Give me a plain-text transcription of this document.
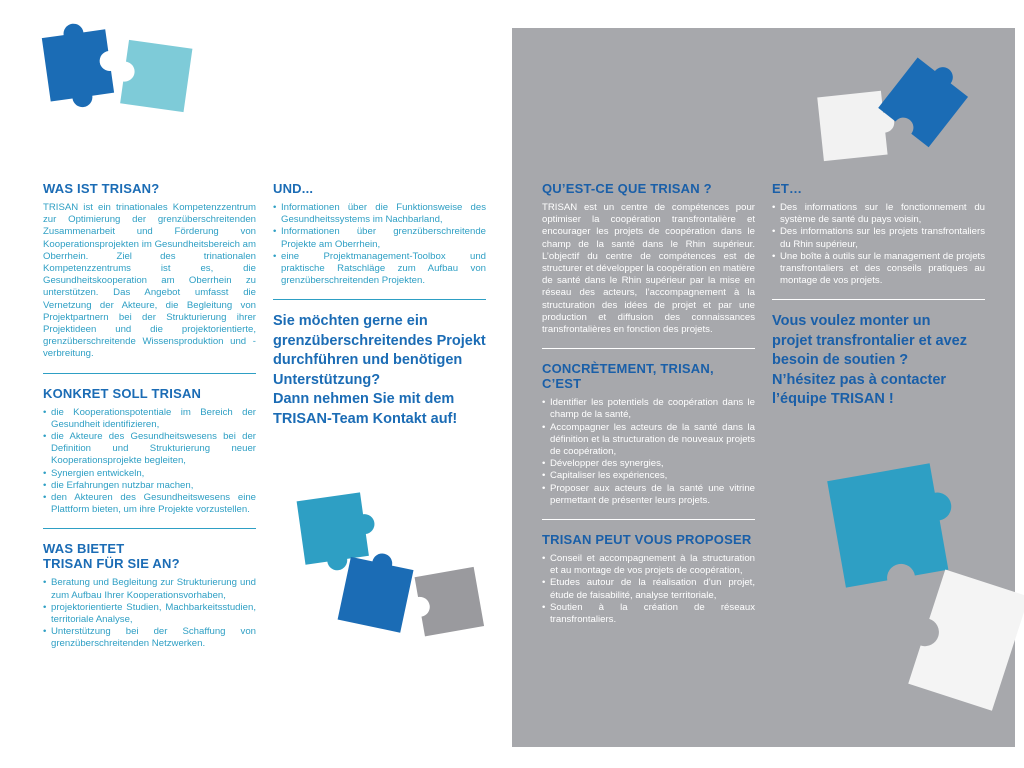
WAS IST TRISAN?

TRISAN ist ein trinationales Kompetenzzentrum zur Optimierung der grenzüberschreitenden Zusammenarbeit und Förderung von Kooperationsprojekten im Gesundheitsbereich am Oberrhein. Ziel des trinationalen Kompetenzzentrums ist es, die Gesundheitskooperation am Oberrhein zu unterstützen. Das Angebot umfasst die Vernetzung der Akteure, die Begleitung von Projektpartnern bei der Strukturierung ihrer Projektideen und die projektorientierte, grenzüberschreitende Wissensproduktion und -verbreitung.

KONKRET SOLL TRISAN
• die Kooperationspotentiale im Bereich der Gesundheit identifizieren,
• die Akteure des Gesundheitswesens bei der Definition und Strukturierung neuer Kooperationsprojekte begleiten,
• Synergien entwickeln,
• die Erfahrungen nutzbar machen,
• den Akteuren des Gesundheitswesens eine Plattform bieten, um ihre Projekte vorzustellen.
WAS BIETET
TRISAN FÜR SIE AN?
• Beratung und Begleitung zur Strukturierung und zum Aufbau Ihrer Kooperationsvorhaben,
• projektorientierte Studien, Machbarkeitsstudien, territoriale Analyse,
• Unterstützung bei der Schaffung von grenzüberschreitenden Netzwerken.
UND...
• Informationen über die Funktionsweise des Gesundheitssystems im Nachbarland,
• Informationen über grenzüberschreitende Projekte am Oberrhein,
• eine Projektmanagement-Toolbox und praktische Ratschläge zum Aufbau von grenzüberschreitenden Projekten.
Sie möchten gerne ein
grenzüberschreitendes Projekt
durchführen und benötigen
Unterstützung?
Dann nehmen Sie mit dem
TRISAN-Team Kontakt auf!
QU’EST-CE QUE TRISAN ?

TRISAN est un centre de compétences pour optimiser la coopération transfrontalière et encourager les projets de coopération dans le champ de la santé dans le Rhin supérieur. L’objectif du centre de compétences est de structurer et développer la coopération en matière de santé dans le Rhin supérieur par la mise en réseau des acteurs, l’accompagnement à la structuration des idées de projet et par une production et diffusion des connaissances transfrontalières en fonction des projets.

CONCRÈTEMENT, TRISAN, C’EST
• Identifier les potentiels de coopération dans le champ de la santé,
• Accompagner les acteurs de la santé dans la définition et la structuration de nouveaux projets de coopération,
• Développer des synergies,
• Capitaliser les expériences,
• Proposer aux acteurs de la santé une vitrine permettant de présenter leurs projets.
TRISAN PEUT VOUS PROPOSER
• Conseil et accompagnement à la structuration et au montage de vos projets de coopération,
• Etudes autour de la réalisation d’un projet, étude de faisabilité, analyse territoriale,
• Soutien à la création de réseaux transfrontaliers.
ET…
• Des informations sur le fonctionnement du système de santé du pays voisin,
• Des informations sur les projets transfrontaliers du Rhin supérieur,
• Une boîte à outils sur le management de projets transfrontaliers et des conseils pratiques au montage de vos projets.
Vous voulez monter un
projet transfrontalier et avez
besoin de soutien ?
N’hésitez pas à contacter
l’équipe TRISAN !
